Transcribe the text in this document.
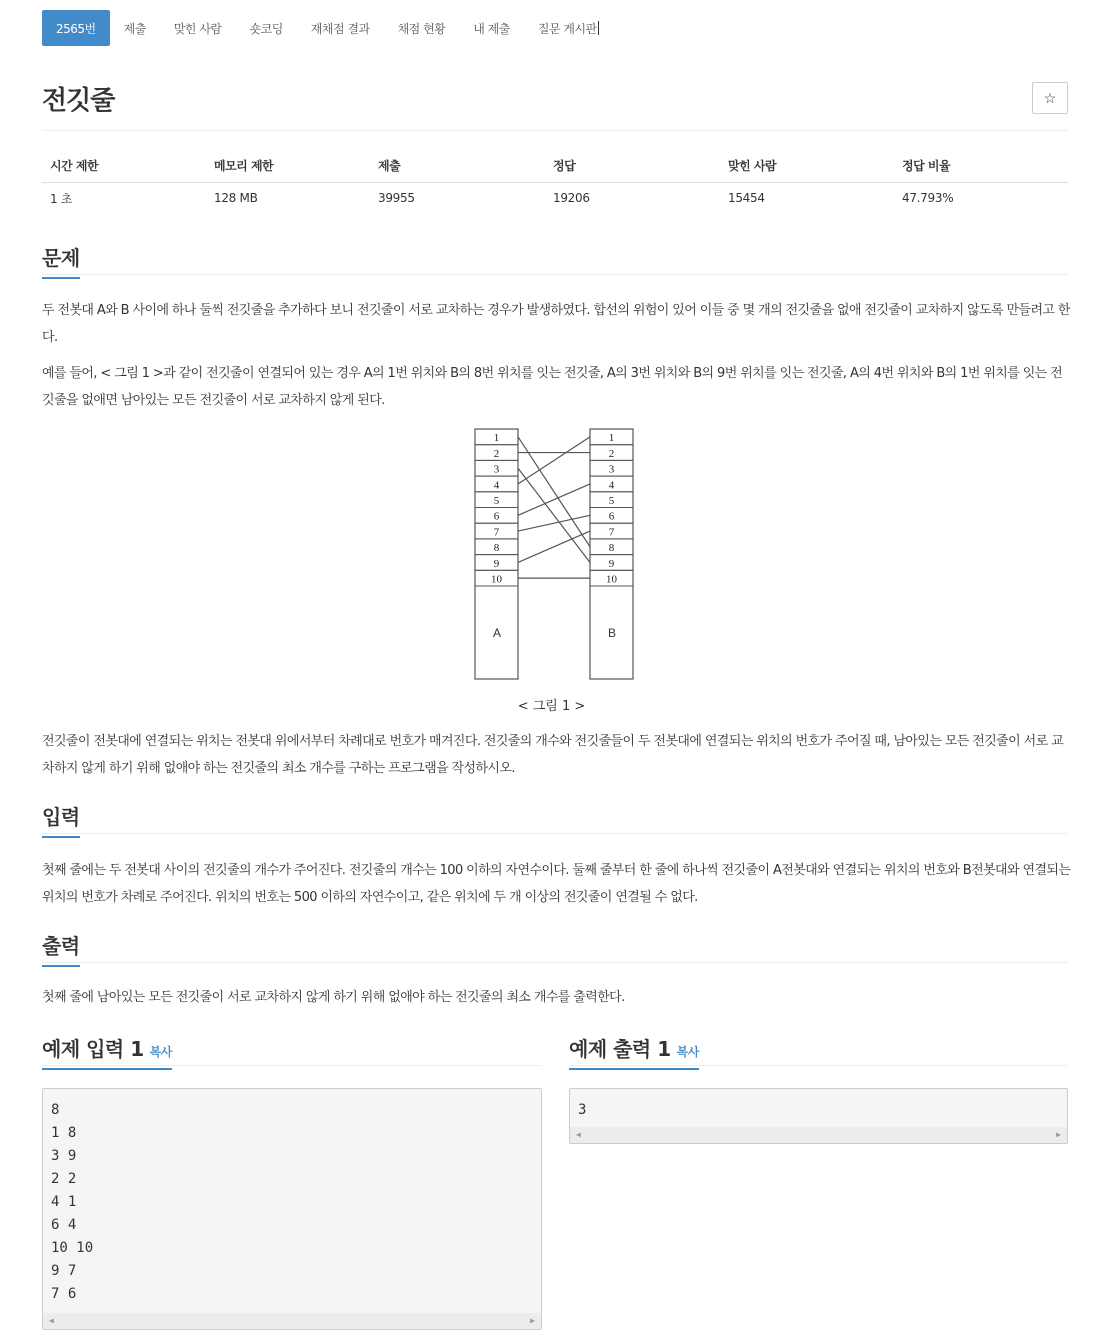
2565번	제출	맞힌 사람	숏코딩	재채점 결과	채점 현황	내 제출	질문 게시판
전깃줄	☆
시간 제한	메모리 제한	제출	정답	맞힌 사람	정답 비율
1 초	128 MB	39955	19206	15454	47.793%
문제

두 전봇대 A와 B 사이에 하나 둘씩 전깃줄을 추가하다 보니 전깃줄이 서로 교차하는 경우가 발생하였다. 합선의 위험이 있어 이들 중 몇 개의 전깃줄을 없애 전깃줄이 교차하지 않도록 만들려고 한다.

예를 들어, < 그림 1 >과 같이 전깃줄이 연결되어 있는 경우 A의 1번 위치와 B의 8번 위치를 잇는 전깃줄, A의 3번 위치와 B의 9번 위치를 잇는 전깃줄, A의 4번 위치와 B의 1번 위치를 잇는 전깃줄을 없애면 남아있는 모든 전깃줄이 서로 교차하지 않게 된다.

1
2
3
4
5
6
7
8
9
10
1
2
3
4
5
6
7
8
9
10
A	B
< 그림 1 >

전깃줄이 전봇대에 연결되는 위치는 전봇대 위에서부터 차례대로 번호가 매겨진다. 전깃줄의 개수와 전깃줄들이 두 전봇대에 연결되는 위치의 번호가 주어질 때, 남아있는 모든 전깃줄이 서로 교차하지 않게 하기 위해 없애야 하는 전깃줄의 최소 개수를 구하는 프로그램을 작성하시오.

입력

첫째 줄에는 두 전봇대 사이의 전깃줄의 개수가 주어진다. 전깃줄의 개수는 100 이하의 자연수이다. 둘째 줄부터 한 줄에 하나씩 전깃줄이 A전봇대와 연결되는 위치의 번호와 B전봇대와 연결되는 위치의 번호가 차례로 주어진다. 위치의 번호는 500 이하의 자연수이고, 같은 위치에 두 개 이상의 전깃줄이 연결될 수 없다.

출력

첫째 줄에 남아있는 모든 전깃줄이 서로 교차하지 않게 하기 위해 없애야 하는 전깃줄의 최소 개수를 출력한다.

예제 입력 1 복사
8
1 8
3 9
2 2
4 1
6 4
10 10
9 7
7 6
◀	▶
예제 출력 1 복사
3
◀	▶
